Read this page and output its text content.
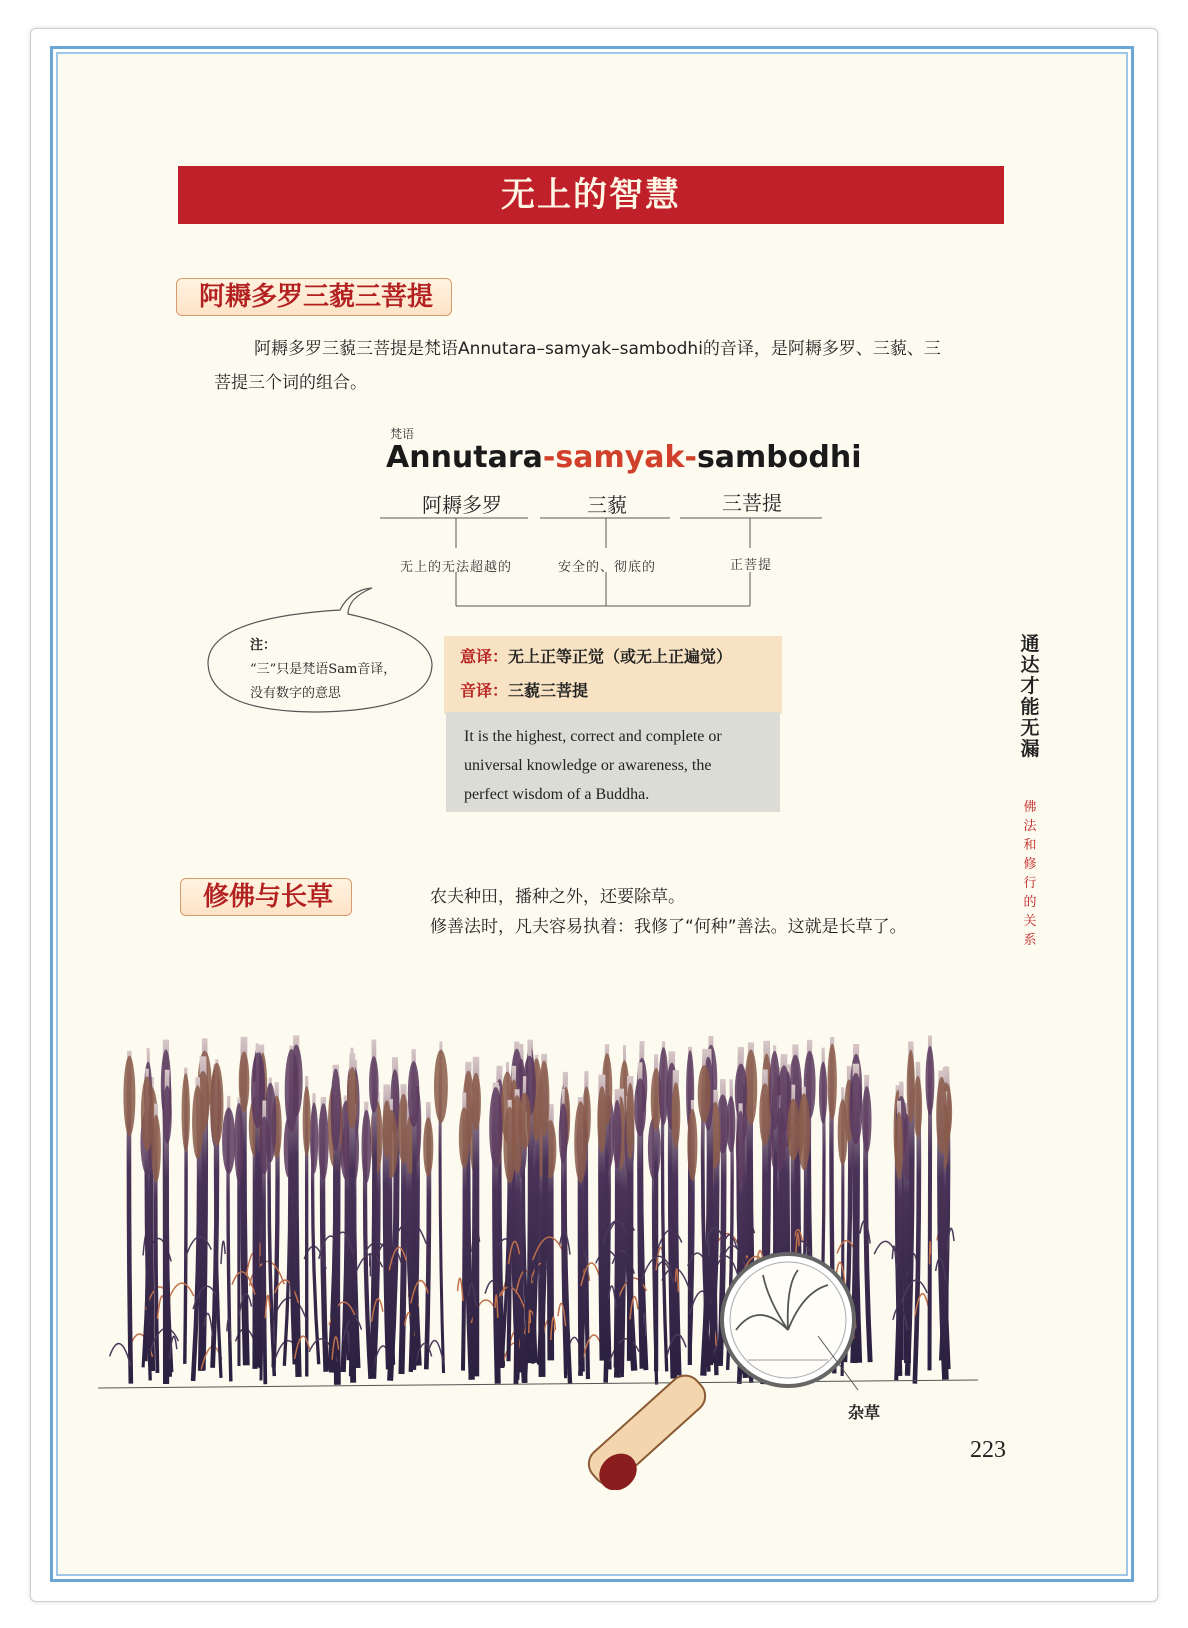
无上的智慧
阿耨多罗三藐三菩提
阿耨多罗三藐三菩提是梵语Annutara–samyak–sambodhi的音译，是阿耨多罗、三藐、三
菩提三个词的组合。
梵语
Annutara-samyak-sambodhi
阿耨多罗	三藐	三菩提
无上的无法超越的	安全的、彻底的	正菩提
注：
“三”只是梵语Sam音译，
没有数字的意思
意译：无上正等正觉（或无上正遍觉）
音译：三藐三菩提
It is the highest, correct and complete or
universal knowledge or awareness, the
perfect wisdom of a Buddha.
通达才能无漏
佛法和修行的关系
修佛与长草	农夫种田，播种之外，还要除草。
修善法时，凡夫容易执着：我修了“何种”善法。这就是长草了。
杂草
223
